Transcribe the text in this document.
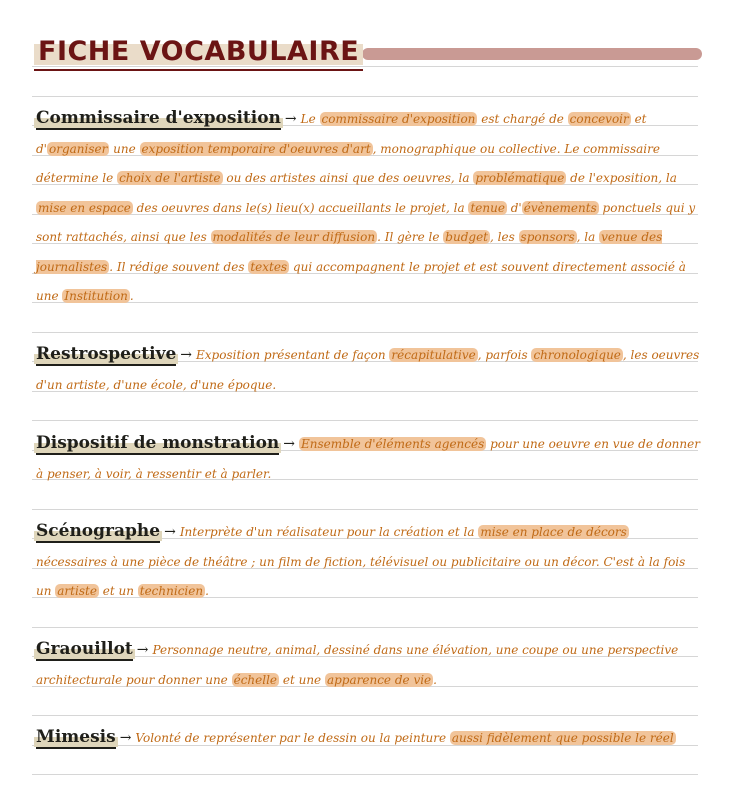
FICHE VOCABULAIRE

Commissaire d'exposition → Le commissaire d'exposition est chargé de concevoir et d' organiser une exposition temporaire d'oeuvres d'art , monographique ou collective. Le commissaire détermine le choix de l'artiste ou des artistes ainsi que des oeuvres, la problématique de l'exposition, la mise en espace des oeuvres dans le(s) lieu(x) accueillants le projet, la tenue d' évènements ponctuels qui y sont rattachés, ainsi que les modalités de leur diffusion . Il gère le budget , les sponsors , la venue des journalistes . Il rédige souvent des textes qui accompagnent le projet et est souvent directement associé à une Institution .

Restrospective → Exposition présentant de façon récapitulative , parfois chronologique , les oeuvres d'un artiste, d'une école, d'une époque.

Dispositif de monstration → Ensemble d'éléments agencés pour une oeuvre en vue de donner à penser, à voir, à ressentir et à parler.

Scénographe → Interprète d'un réalisateur pour la création et la mise en place de décors nécessaires à une pièce de théâtre ; un film de fiction, télévisuel ou publicitaire ou un décor. C'est à la fois un artiste et un technicien .

Graouillot → Personnage neutre, animal, dessiné dans une élévation, une coupe ou une perspective architecturale pour donner une échelle et une apparence de vie .

Mimesis → Volonté de représenter par le dessin ou la peinture aussi fidèlement que possible le réel
